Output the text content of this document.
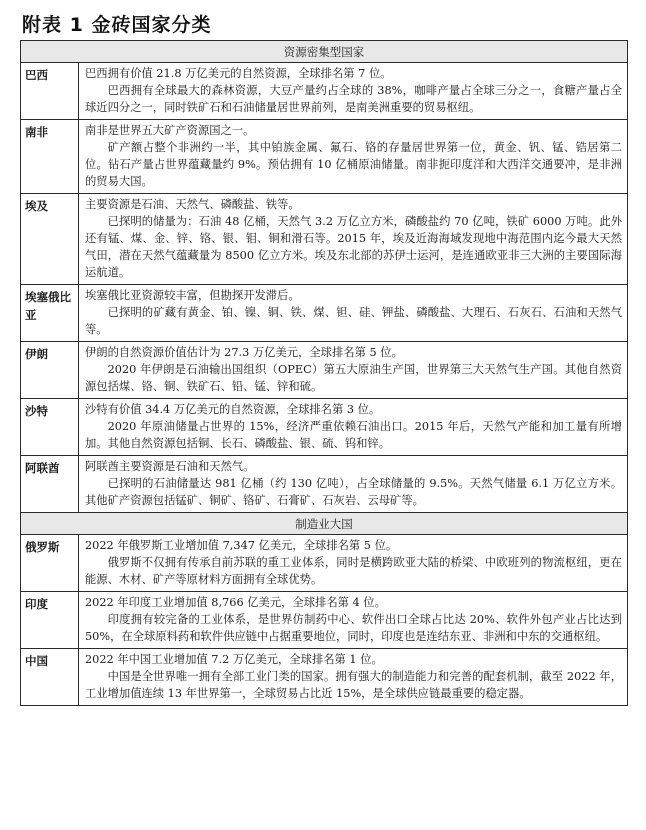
附表 1 金砖国家分类
资源密集型国家	
巴西	巴西拥有价值 21.8 万亿美元的自然资源，全球排名第 7 位。
巴西拥有全球最大的森林资源，大豆产量约占全球的 38%，咖啡产量占全球三分之一，食糖产量占全球近四分之一，同时铁矿石和石油储量居世界前列，是南美洲重要的贸易枢纽。

南非	南非是世界五大矿产资源国之一。
矿产额占整个非洲约一半，其中铂族金属、氟石、铬的存量居世界第一位，黄金、钒、锰、锆居第二位。钻石产量占世界蕴藏量约 9%。预估拥有 10 亿桶原油储量。南非扼印度洋和大西洋交通要冲，是非洲的贸易大国。

埃及	主要资源是石油、天然气、磷酸盐、铁等。
已探明的储量为：石油 48 亿桶，天然气 3.2 万亿立方米，磷酸盐约 70 亿吨，铁矿 6000 万吨。此外还有锰、煤、金、锌、铬、银、钼、铜和滑石等。2015 年，埃及近海海域发现地中海范围内迄今最大天然气田，潜在天然气蕴藏量为 8500 亿立方米。埃及东北部的苏伊士运河，是连通欧亚非三大洲的主要国际海运航道。

埃塞俄比亚	埃塞俄比亚资源较丰富，但勘探开发滞后。
已探明的矿藏有黄金、铂、镍、铜、铁、煤、钽、硅、钾盐、磷酸盐、大理石、石灰石、石油和天然气等。

伊朗	伊朗的自然资源价值估计为 27.3 万亿美元，全球排名第 5 位。
2020 年伊朗是石油输出国组织（OPEC）第五大原油生产国，世界第三大天然气生产国。其他自然资源包括煤、铬、铜、铁矿石、铅、锰、锌和硫。

沙特	沙特有价值 34.4 万亿美元的自然资源，全球排名第 3 位。
2020 年原油储量占世界的 15%，经济严重依赖石油出口。2015 年后，天然气产能和加工量有所增加。其他自然资源包括铜、长石、磷酸盐、银、硫、钨和锌。

阿联酋	阿联酋主要资源是石油和天然气。
已探明的石油储量达 981 亿桶（约 130 亿吨），占全球储量的 9.5%。天然气储量 6.1 万亿立方米。其他矿产资源包括锰矿、铜矿、铬矿、石膏矿、石灰岩、云母矿等。

制造业大国	
俄罗斯	2022 年俄罗斯工业增加值 7,347 亿美元，全球排名第 5 位。
俄罗斯不仅拥有传承自前苏联的重工业体系，同时是横跨欧亚大陆的桥梁、中欧班列的物流枢纽，更在能源、木材、矿产等原材料方面拥有全球优势。

印度	2022 年印度工业增加值 8,766 亿美元，全球排名第 4 位。
印度拥有较完备的工业体系，是世界仿制药中心、软件出口全球占比达 20%、软件外包产业占比达到 50%，在全球原料药和软件供应链中占据重要地位，同时，印度也是连结东亚、非洲和中东的交通枢纽。

中国	2022 年中国工业增加值 7.2 万亿美元，全球排名第 1 位。
中国是全世界唯一拥有全部工业门类的国家。拥有强大的制造能力和完善的配套机制，截至 2022 年，工业增加值连续 13 年世界第一，全球贸易占比近 15%，是全球供应链最重要的稳定器。
